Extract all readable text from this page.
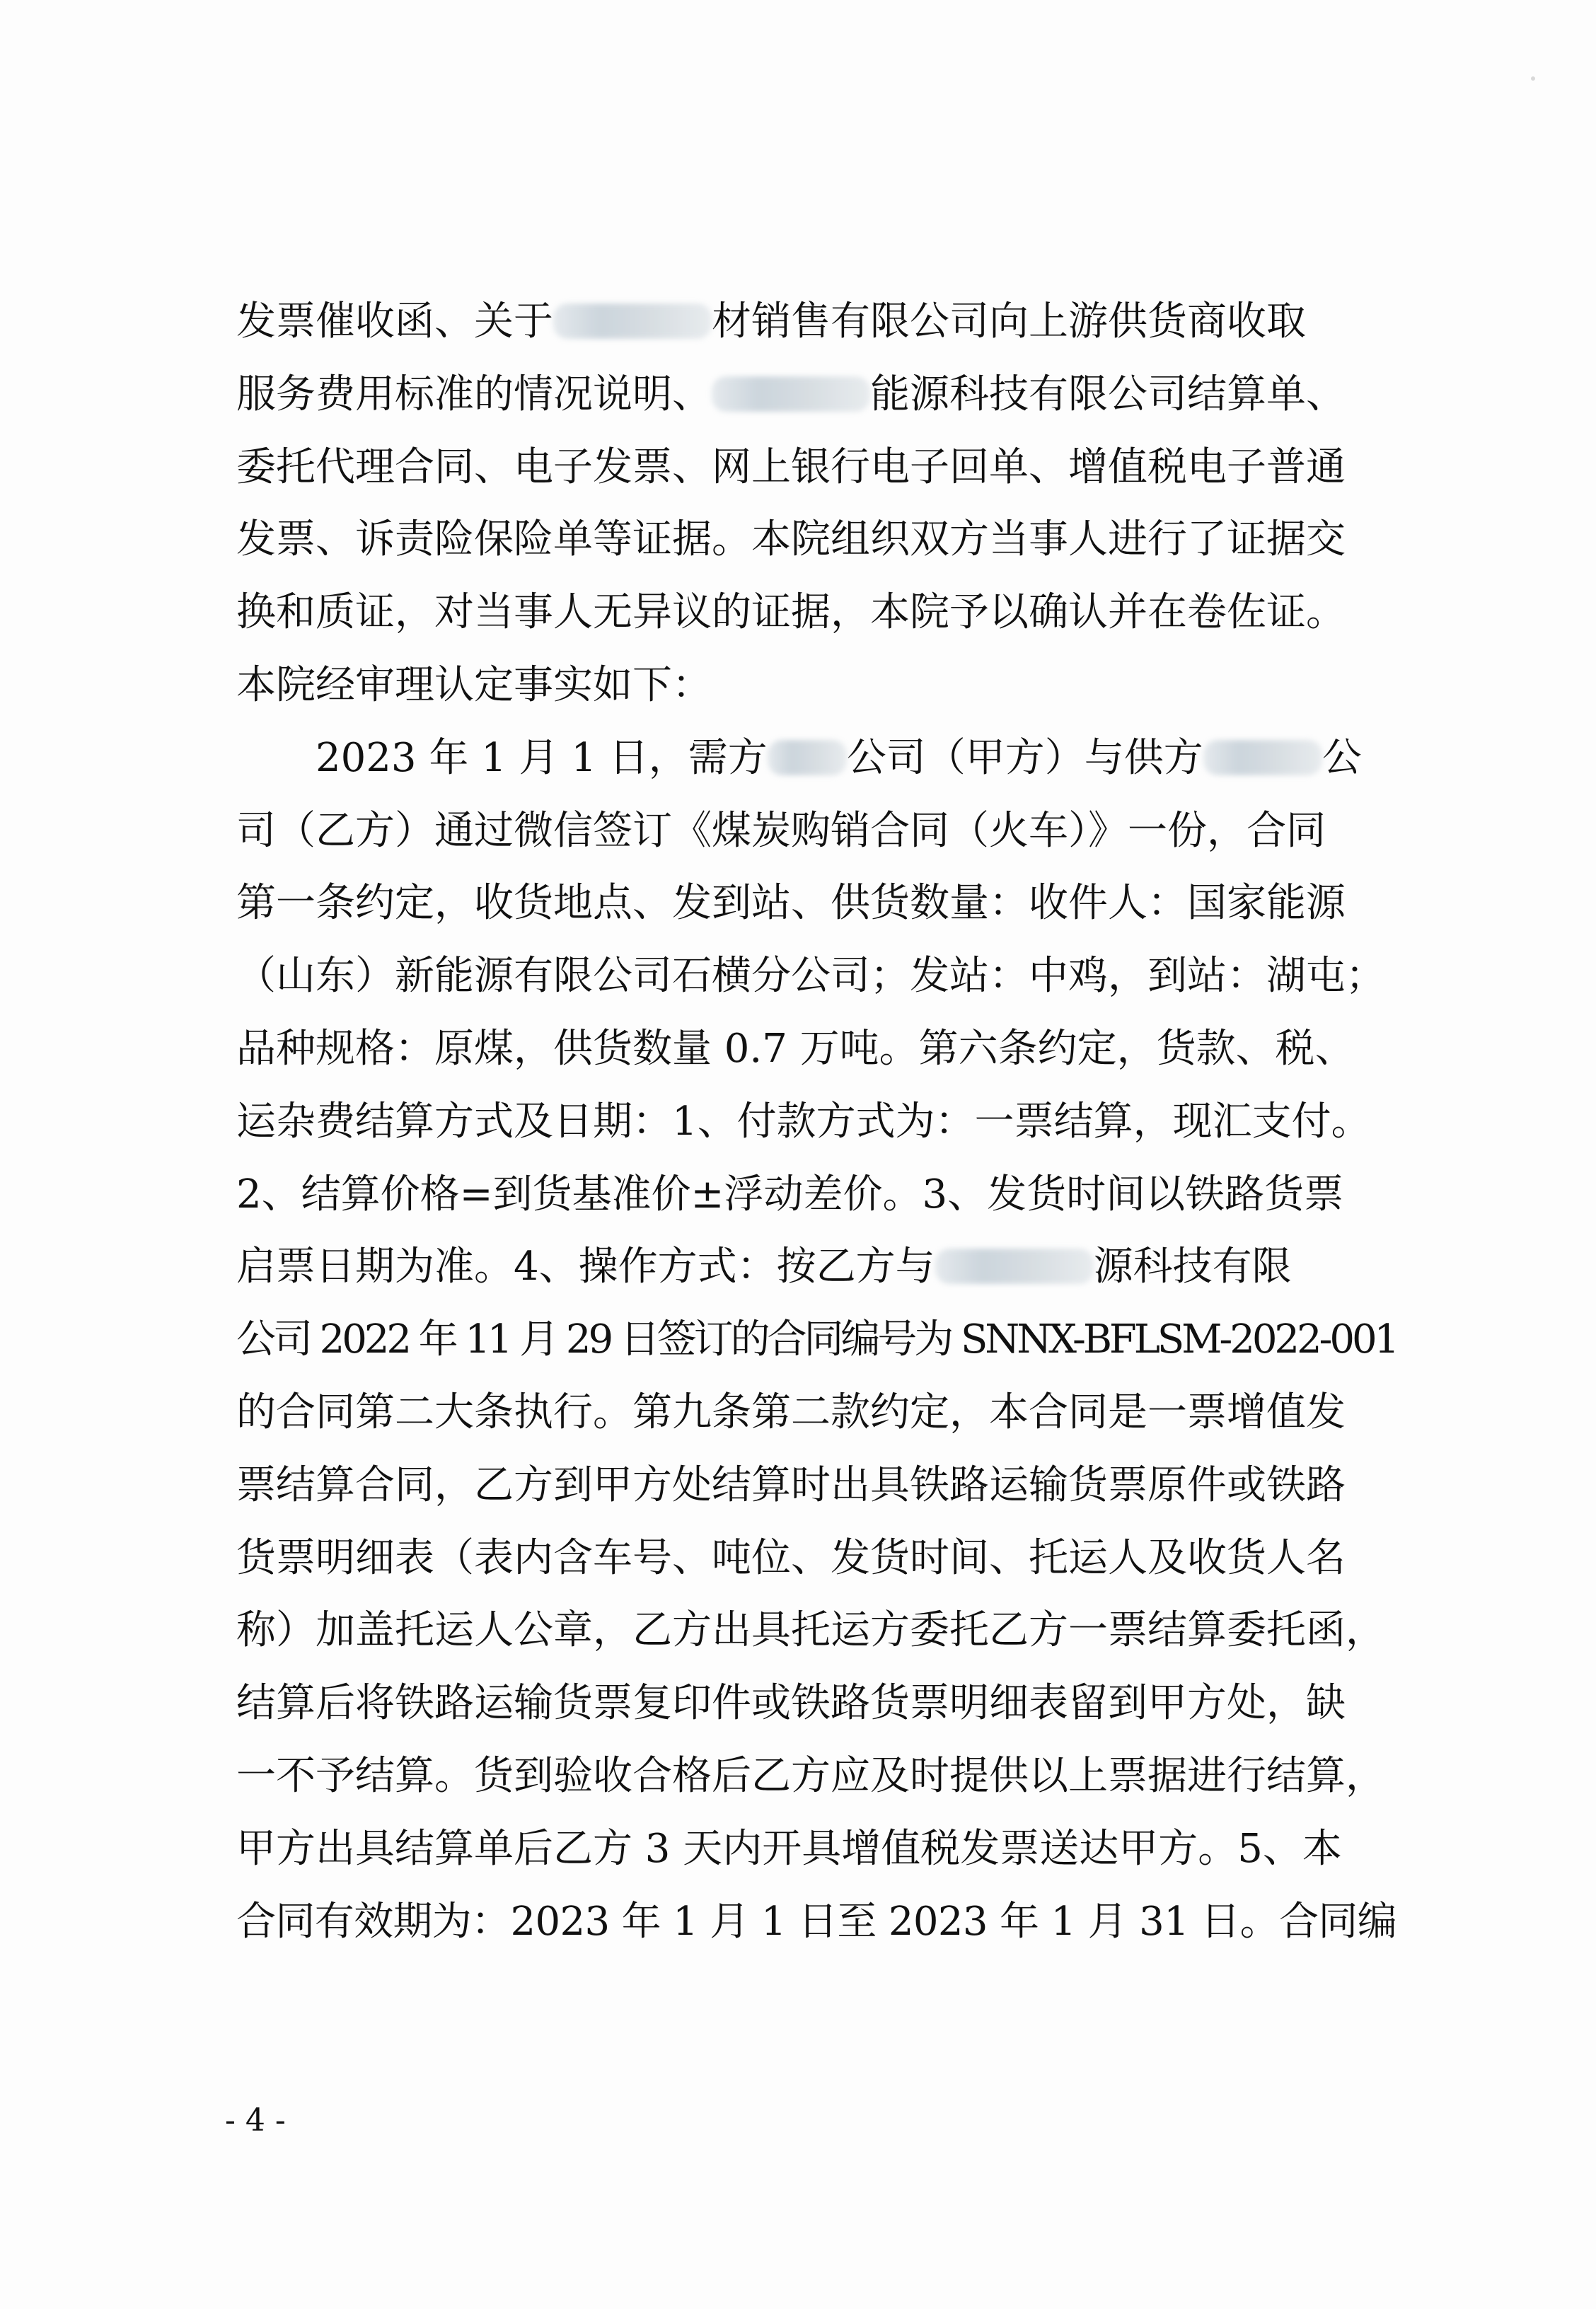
发票催收函、关于	材销售有限公司向上游供货商收取
服务费用标准的情况说明、	能源科技有限公司结算单、
委托代理合同、电子发票、网上银行电子回单、增值税电子普通
发票、诉责险保险单等证据。本院组织双方当事人进行了证据交
换和质证，对当事人无异议的证据，本院予以确认并在卷佐证。
本院经审理认定事实如下：
　　2023 年 1 月 1 日，需方 公司（甲方）与供方	公
司（乙方）通过微信签订《煤炭购销合同（火车）》一份，合同
第一条约定，收货地点、发到站、供货数量：收件人：国家能源
（山东）新能源有限公司石横分公司；发站：中鸡，到站：湖屯；
品种规格：原煤，供货数量 0.7 万吨。第六条约定，货款、税、
运杂费结算方式及日期：1、付款方式为：一票结算，现汇支付。
2、结算价格=到货基准价±浮动差价。3、发货时间以铁路货票
启票日期为准。4、操作方式：按乙方与	源科技有限
公司 2022 年 11 月 29 日签订的合同编号为 SNNX-BFLSM-2022-001
的合同第二大条执行。第九条第二款约定，本合同是一票增值发
票结算合同，乙方到甲方处结算时出具铁路运输货票原件或铁路
货票明细表（表内含车号、吨位、发货时间、托运人及收货人名
称）加盖托运人公章，乙方出具托运方委托乙方一票结算委托函，
结算后将铁路运输货票复印件或铁路货票明细表留到甲方处，缺
一不予结算。货到验收合格后乙方应及时提供以上票据进行结算，
甲方出具结算单后乙方 3 天内开具增值税发票送达甲方。5、本
合同有效期为：2023 年 1 月 1 日至 2023 年 1 月 31 日。合同编
- 4 -
